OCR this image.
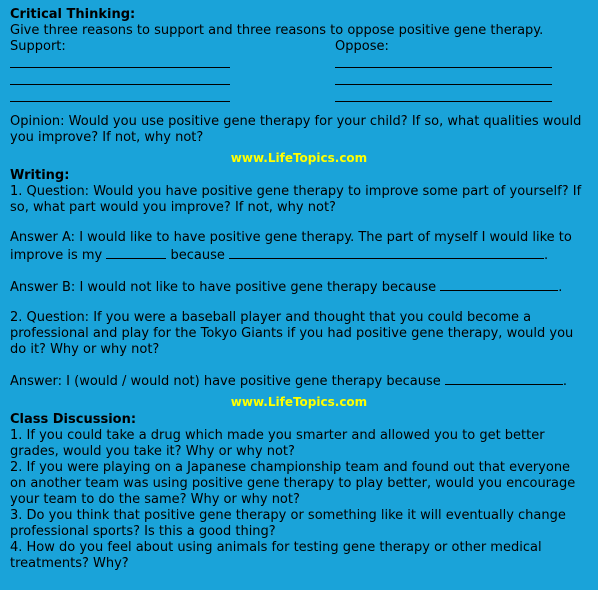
Critical Thinking:

Give three reasons to support and three reasons to oppose positive gene therapy.

Support:	Oppose:

Opinion: Would you use positive gene therapy for your child? If so, what qualities would you improve? If not, why not?

www.LifeTopics.com
Writing:

1. Question: Would you have positive gene therapy to improve some part of yourself? If so, what part would you improve? If not, why not?

Answer A: I would like to have positive gene therapy. The part of myself I would like to improve is my	because	.

Answer B: I would not like to have positive gene therapy because	.

2. Question: If you were a baseball player and thought that you could become a professional and play for the Tokyo Giants if you had positive gene therapy, would you do it? Why or why not?

Answer: I (would / would not) have positive gene therapy because	.

www.LifeTopics.com
Class Discussion:

1. If you could take a drug which made you smarter and allowed you to get better grades, would you take it? Why or why not?

2. If you were playing on a Japanese championship team and found out that everyone on another team was using positive gene therapy to play better, would you encourage your team to do the same? Why or why not?

3. Do you think that positive gene therapy or something like it will eventually change professional sports? Is this a good thing?

4. How do you feel about using animals for testing gene therapy or other medical treatments? Why?
